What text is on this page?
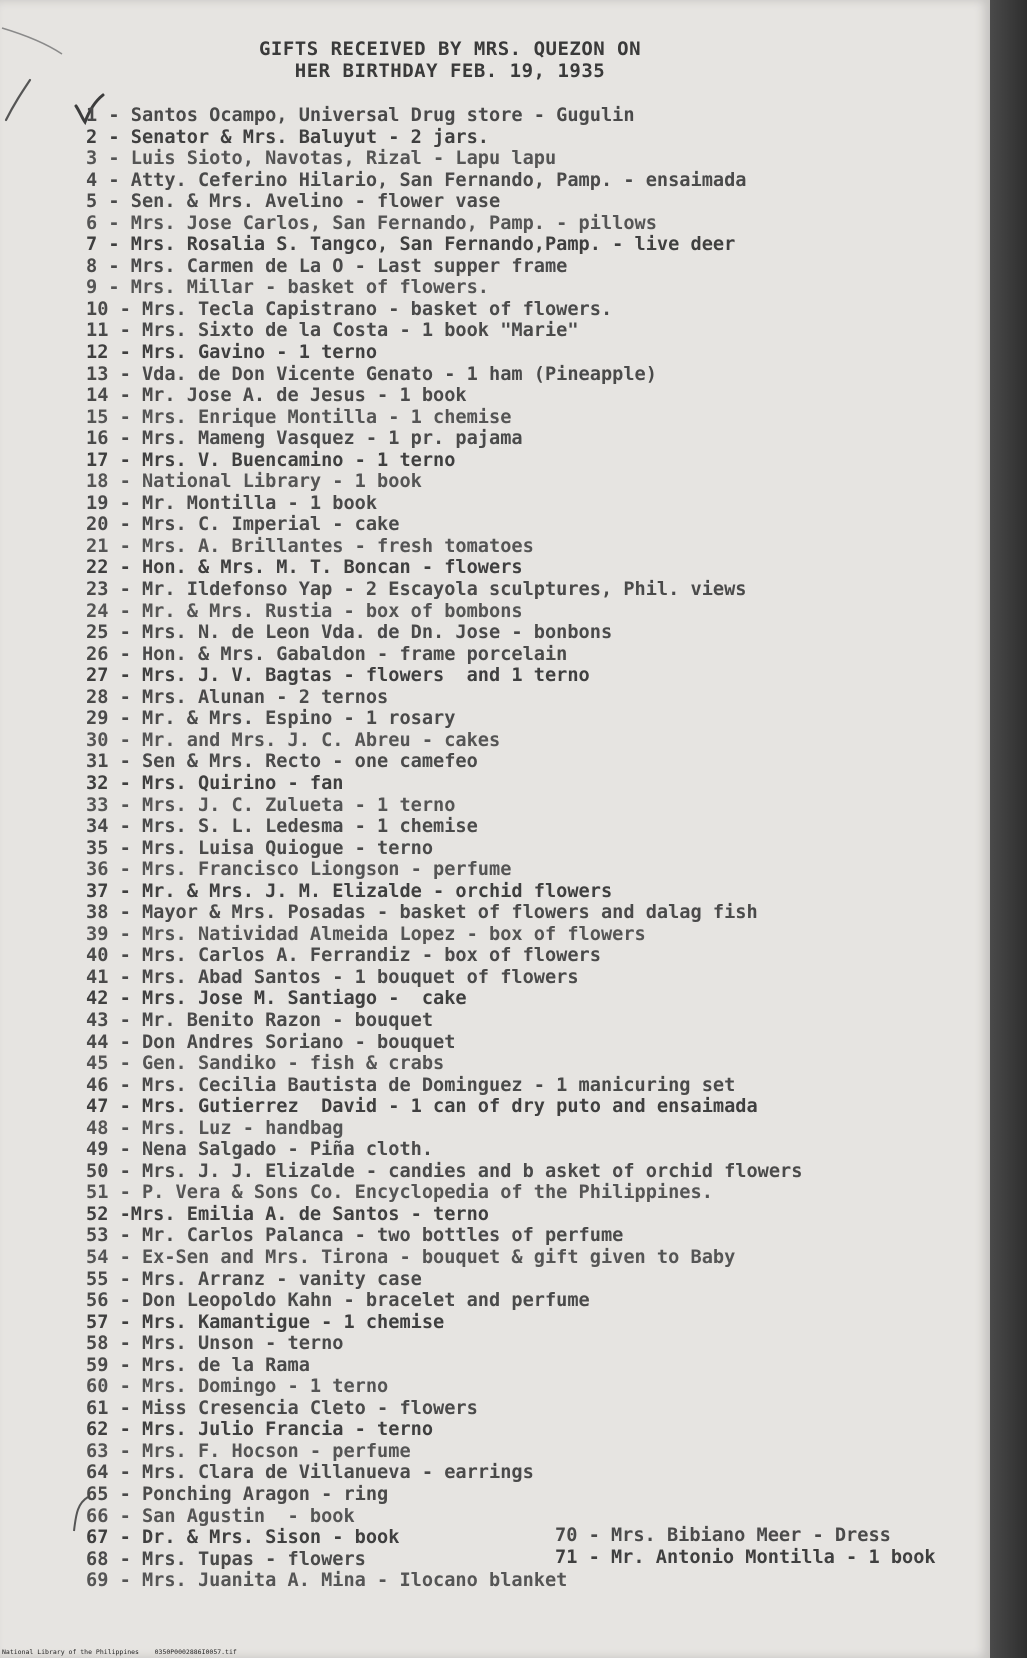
GIFTS RECEIVED BY MRS. QUEZON ON
HER BIRTHDAY FEB. 19, 1935
1 - Santos Ocampo, Universal Drug store - Gugulin
2 - Senator & Mrs. Baluyut - 2 jars.
3 - Luis Sioto, Navotas, Rizal - Lapu lapu
4 - Atty. Ceferino Hilario, San Fernando, Pamp. - ensaimada
5 - Sen. & Mrs. Avelino - flower vase
6 - Mrs. Jose Carlos, San Fernando, Pamp. - pillows
7 - Mrs. Rosalia S. Tangco, San Fernando,Pamp. - live deer
8 - Mrs. Carmen de La O - Last supper frame
9 - Mrs. Millar - basket of flowers.
10 - Mrs. Tecla Capistrano - basket of flowers.
11 - Mrs. Sixto de la Costa - 1 book "Marie"
12 - Mrs. Gavino - 1 terno
13 - Vda. de Don Vicente Genato - 1 ham (Pineapple)
14 - Mr. Jose A. de Jesus - 1 book
15 - Mrs. Enrique Montilla - 1 chemise
16 - Mrs. Mameng Vasquez - 1 pr. pajama
17 - Mrs. V. Buencamino - 1 terno
18 - National Library - 1 book
19 - Mr. Montilla - 1 book
20 - Mrs. C. Imperial - cake
21 - Mrs. A. Brillantes - fresh tomatoes
22 - Hon. & Mrs. M. T. Boncan - flowers
23 - Mr. Ildefonso Yap - 2 Escayola sculptures, Phil. views
24 - Mr. & Mrs. Rustia - box of bombons
25 - Mrs. N. de Leon Vda. de Dn. Jose - bonbons
26 - Hon. & Mrs. Gabaldon - frame porcelain
27 - Mrs. J. V. Bagtas - flowers  and 1 terno
28 - Mrs. Alunan - 2 ternos
29 - Mr. & Mrs. Espino - 1 rosary
30 - Mr. and Mrs. J. C. Abreu - cakes
31 - Sen & Mrs. Recto - one camefeo
32 - Mrs. Quirino - fan
33 - Mrs. J. C. Zulueta - 1 terno
34 - Mrs. S. L. Ledesma - 1 chemise
35 - Mrs. Luisa Quiogue - terno
36 - Mrs. Francisco Liongson - perfume
37 - Mr. & Mrs. J. M. Elizalde - orchid flowers
38 - Mayor & Mrs. Posadas - basket of flowers and dalag fish
39 - Mrs. Natividad Almeida Lopez - box of flowers
40 - Mrs. Carlos A. Ferrandiz - box of flowers
41 - Mrs. Abad Santos - 1 bouquet of flowers
42 - Mrs. Jose M. Santiago -  cake
43 - Mr. Benito Razon - bouquet
44 - Don Andres Soriano - bouquet
45 - Gen. Sandiko - fish & crabs
46 - Mrs. Cecilia Bautista de Dominguez - 1 manicuring set
47 - Mrs. Gutierrez  David - 1 can of dry puto and ensaimada
48 - Mrs. Luz - handbag
49 - Nena Salgado - Piña cloth.
50 - Mrs. J. J. Elizalde - candies and b asket of orchid flowers
51 - P. Vera & Sons Co. Encyclopedia of the Philippines.
52 -Mrs. Emilia A. de Santos - terno
53 - Mr. Carlos Palanca - two bottles of perfume
54 - Ex-Sen and Mrs. Tirona - bouquet & gift given to Baby
55 - Mrs. Arranz - vanity case
56 - Don Leopoldo Kahn - bracelet and perfume
57 - Mrs. Kamantigue - 1 chemise
58 - Mrs. Unson - terno
59 - Mrs. de la Rama
60 - Mrs. Domingo - 1 terno
61 - Miss Cresencia Cleto - flowers
62 - Mrs. Julio Francia - terno
63 - Mrs. F. Hocson - perfume
64 - Mrs. Clara de Villanueva - earrings
65 - Ponching Aragon - ring
66 - San Agustin  - book
67 - Dr. & Mrs. Sison - book
68 - Mrs. Tupas - flowers
69 - Mrs. Juanita A. Mina - Ilocano blanket
70 - Mrs. Bibiano Meer - Dress
71 - Mr. Antonio Montilla - 1 book
National Library of the Philippines    0350P0002886I0057.tif
